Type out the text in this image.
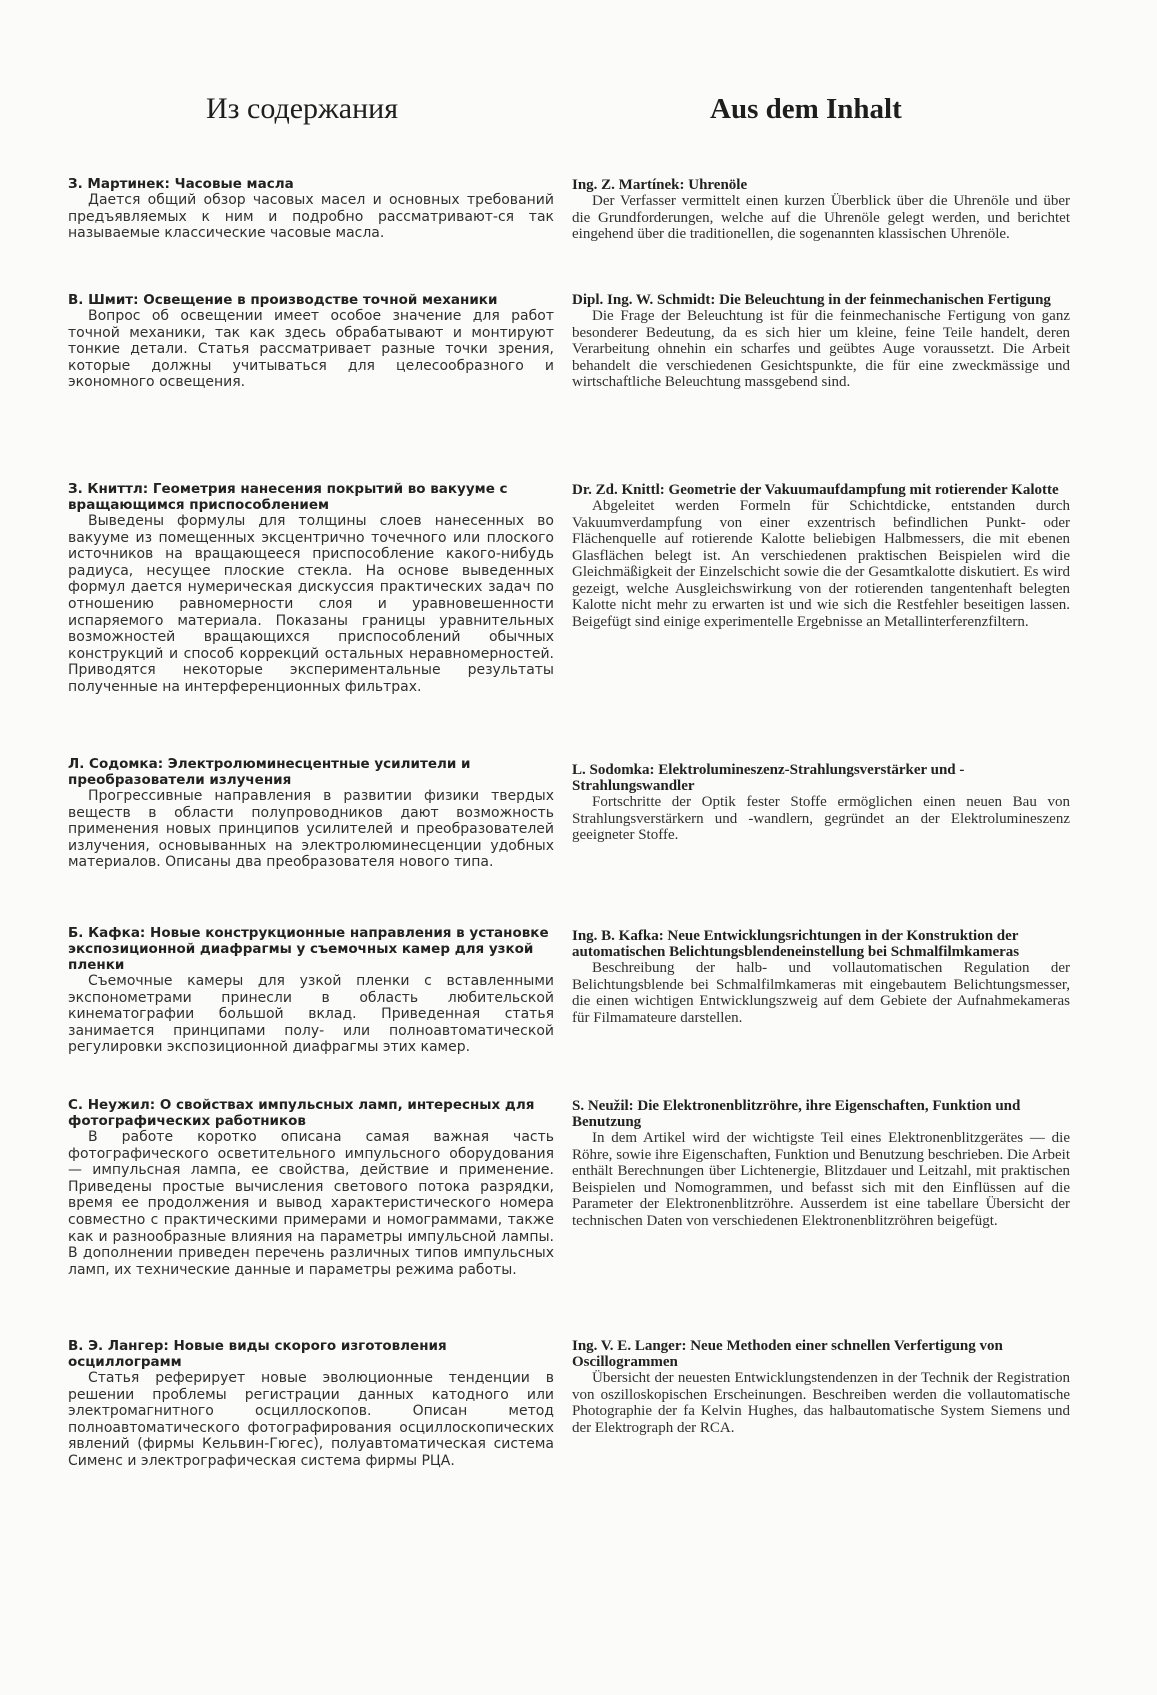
Из содержания

З. Мартинек: Часовые масла

Дается общий обзор часовых масел и основных требований предъявляемых к ним и подробно рассматривают-ся так называемые классические часовые масла.

В. Шмит: Освещение в производстве точной механики

Вопрос об освещении имеет особое значение для работ точной механики, так как здесь обрабатывают и монтируют тонкие детали. Статья рассматривает разные точки зрения, которые должны учитываться для целесообразного и экономного освещения.

З. Книттл: Геометрия нанесения покрытий во вакууме с вращающимся приспособлением

Выведены формулы для толщины слоев нанесенных во вакууме из помещенных эксцентрично точечного или плоского источников на вращающееся приспособление какого-нибудь радиуса, несущее плоские стекла. На основе выведенных формул дается нумерическая дискуссия практических задач по отношению равномерности слоя и уравновешенности испаряемого материала. Показаны границы уравнительных возможностей вращающихся приспособлений обычных конструкций и способ коррекций остальных неравномерностей. Приводятся некоторые экспериментальные результаты полученные на интерференционных фильтрах.

Л. Содомка: Электролюминесцентные усилители и преобразователи излучения

Прогрессивные направления в развитии физики твердых веществ в области полупроводников дают возможность применения новых принципов усилителей и преобразователей излучения, основыванных на электролюминесценции удобных материалов. Описаны два преобразователя нового типа.

Б. Кафка: Новые конструкционные направления в установке экспозиционной диафрагмы у съемочных камер для узкой пленки

Съемочные камеры для узкой пленки с вставленными экспонометрами принесли в область любительской кинематографии большой вклад. Приведенная статья занимается принципами полу- или полноавтоматической регулировки экспозиционной диафрагмы этих камер.

С. Неужил: О свойствах импульсных ламп, интересных для фотографических работников

В работе коротко описана самая важная часть фотографического осветительного импульсного оборудования — импульсная лампа, ее свойства, действие и применение. Приведены простые вычисления светового потока разрядки, время ее продолжения и вывод характеристического номера совместно с практическими примерами и номограммами, также как и разнообразные влияния на параметры импульсной лампы. В дополнении приведен перечень различных типов импульсных ламп, их технические данные и параметры режима работы.

В. Э. Лангер: Новые виды скорого изготовления осциллограмм

Статья реферирует новые эволюционные тенденции в решении проблемы регистрации данных катодного или электромагнитного осциллоскопов. Описан метод полноавтоматического фотографирования осциллоскопических явлений (фирмы Кельвин-Гюгес), полуавтоматическая система Сименс и электрографическая система фирмы РЦА.

Aus dem Inhalt

Ing. Z. Martínek: Uhrenöle

Der Verfasser vermittelt einen kurzen Überblick über die Uhrenöle und über die Grundforderungen, welche auf die Uhrenöle gelegt werden, und berichtet eingehend über die traditionellen, die sogenannten klassischen Uhrenöle.

Dipl. Ing. W. Schmidt: Die Beleuchtung in der feinmechanischen Fertigung

Die Frage der Beleuchtung ist für die feinmechanische Fertigung von ganz besonderer Bedeutung, da es sich hier um kleine, feine Teile handelt, deren Verarbeitung ohnehin ein scharfes und geübtes Auge voraussetzt. Die Arbeit behandelt die verschiedenen Gesichtspunkte, die für eine zweckmässige und wirtschaftliche Beleuchtung massgebend sind.

Dr. Zd. Knittl: Geometrie der Vakuumaufdampfung mit rotierender Kalotte

Abgeleitet werden Formeln für Schichtdicke, entstanden durch Vakuumverdampfung von einer exzentrisch befindlichen Punkt- oder Flächenquelle auf rotierende Kalotte beliebigen Halbmessers, die mit ebenen Glasflächen belegt ist. An verschiedenen praktischen Beispielen wird die Gleichmäßigkeit der Einzelschicht sowie die der Gesamtkalotte diskutiert. Es wird gezeigt, welche Ausgleichswirkung von der rotierenden tangentenhaft belegten Kalotte nicht mehr zu erwarten ist und wie sich die Restfehler beseitigen lassen. Beigefügt sind einige experimentelle Ergebnisse an Metallinterferenzfiltern.

L. Sodomka: Elektrolumineszenz-Strahlungsverstärker und -Strahlungswandler

Fortschritte der Optik fester Stoffe ermöglichen einen neuen Bau von Strahlungsverstärkern und -wandlern, gegründet an der Elektrolumineszenz geeigneter Stoffe.

Ing. B. Kafka: Neue Entwicklungsrichtungen in der Konstruktion der automatischen Belichtungsblendeneinstellung bei Schmalfilmkameras

Beschreibung der halb- und vollautomatischen Regulation der Belichtungsblende bei Schmalfilmkameras mit eingebautem Belichtungsmesser, die einen wichtigen Entwicklungszweig auf dem Gebiete der Aufnahmekameras für Filmamateure darstellen.

S. Neužil: Die Elektronenblitzröhre, ihre Eigenschaften, Funktion und Benutzung

In dem Artikel wird der wichtigste Teil eines Elektronenblitzgerätes — die Röhre, sowie ihre Eigenschaften, Funktion und Benutzung beschrieben. Die Arbeit enthält Berechnungen über Lichtenergie, Blitzdauer und Leitzahl, mit praktischen Beispielen und Nomogrammen, und befasst sich mit den Einflüssen auf die Parameter der Elektronenblitzröhre. Ausserdem ist eine tabellare Übersicht der technischen Daten von verschiedenen Elektronenblitzröhren beigefügt.

Ing. V. E. Langer: Neue Methoden einer schnellen Verfertigung von Oscillogrammen

Übersicht der neuesten Entwicklungstendenzen in der Technik der Registration von oszilloskopischen Erscheinungen. Beschreiben werden die vollautomatische Photographie der fa Kelvin Hughes, das halbautomatische System Siemens und der Elektrograph der RCA.
